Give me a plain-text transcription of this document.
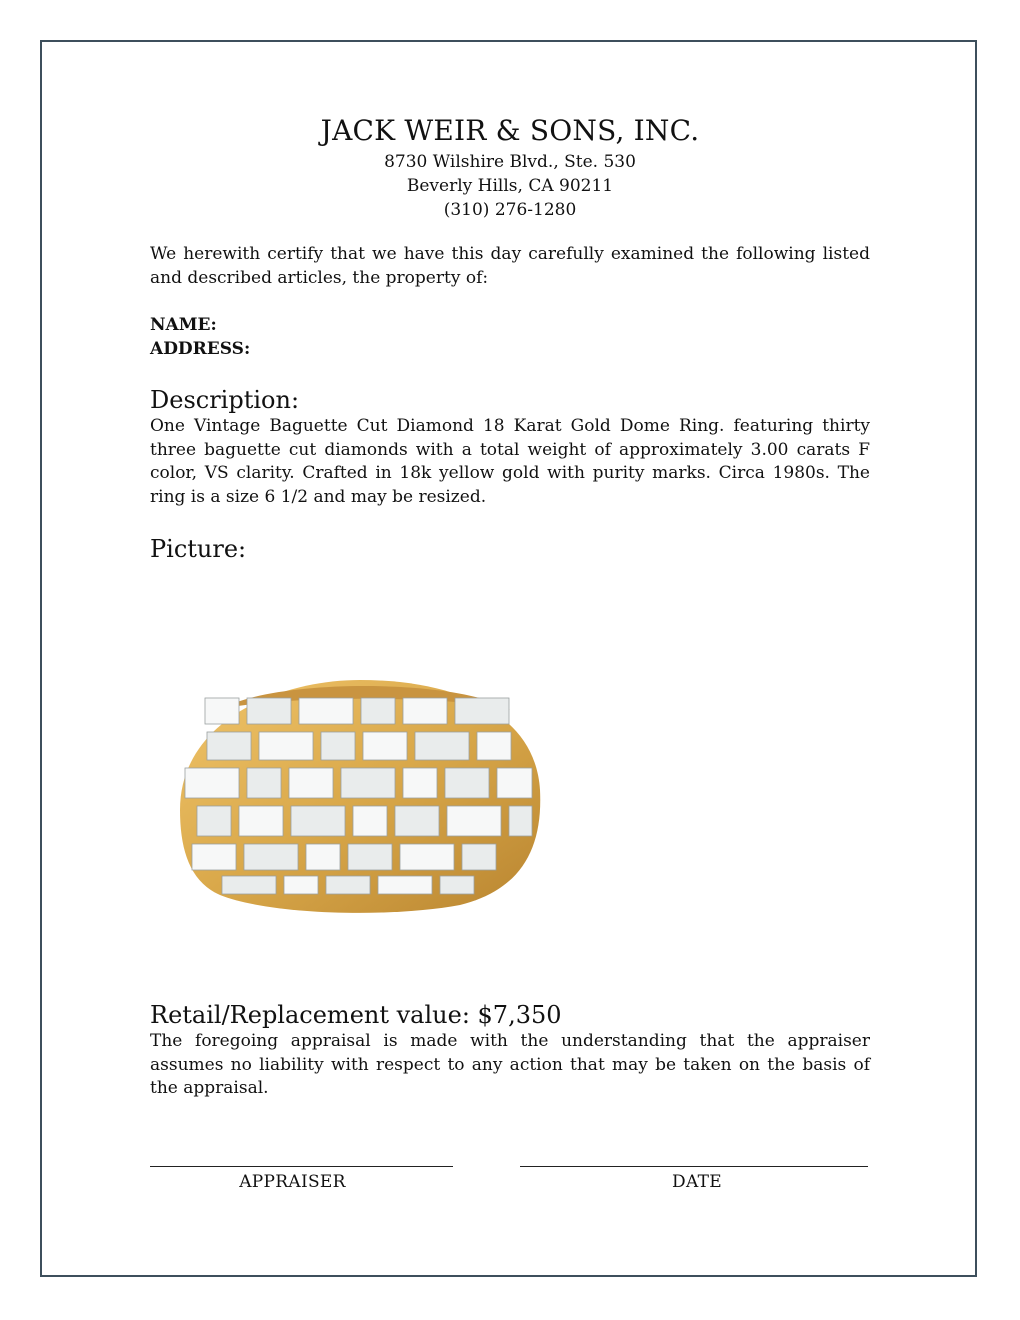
JACK WEIR & SONS, INC.
8730 Wilshire Blvd., Ste. 530
Beverly Hills, CA 90211
(310) 276-1280

We herewith certify that we have this day carefully examined the following listed and described articles, the property of:

NAME:
ADDRESS:
Description:

One Vintage Baguette Cut Diamond 18 Karat Gold Dome Ring. featuring thirty three baguette cut diamonds with a total weight of approximately 3.00 carats F color, VS clarity. Crafted in 18k yellow gold with purity marks. Circa 1980s. The ring is a size 6 1/2 and may be resized.

Picture:
Retail/Replacement value: $7,350

The foregoing appraisal is made with the understanding that the appraiser assumes no liability with respect to any action that may be taken on the basis of the appraisal.

APPRAISER	DATE
